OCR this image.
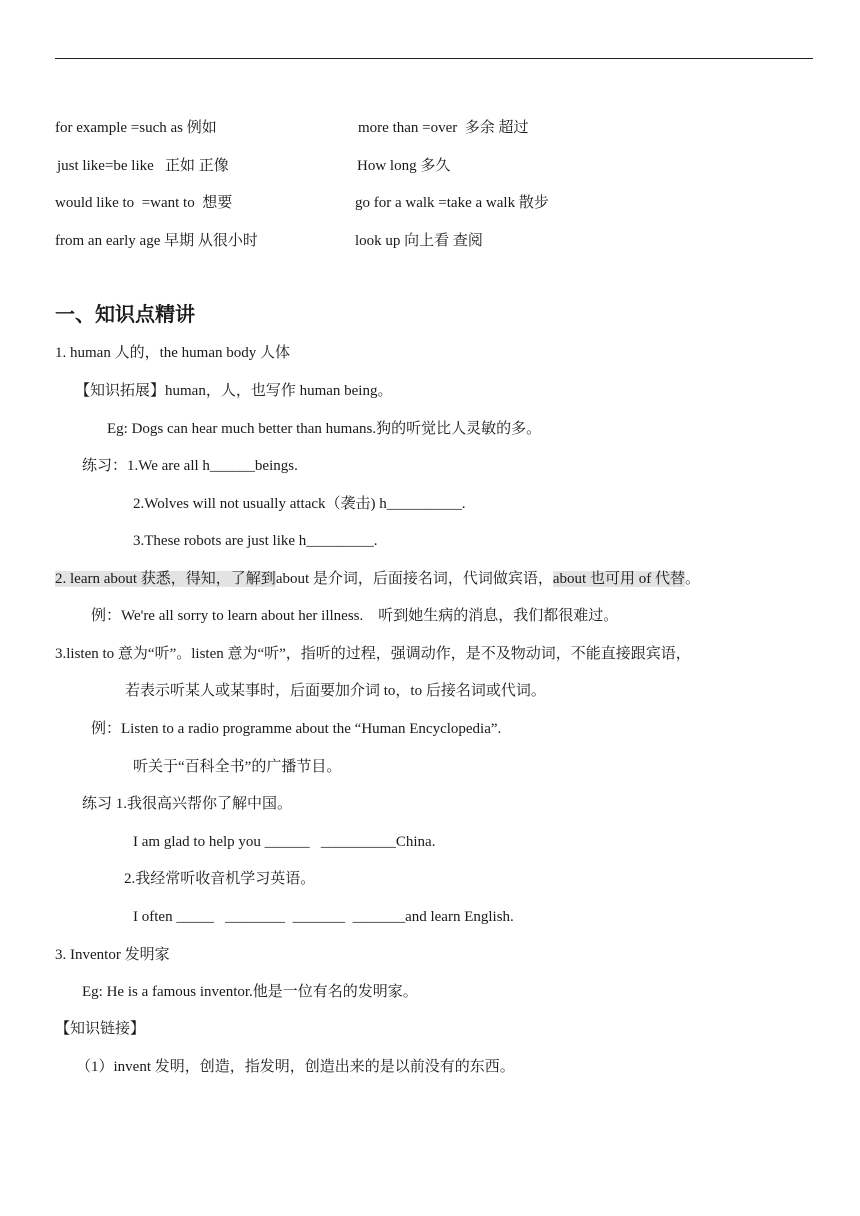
for example =such as 例如	more than =over  多余 超过
just like=be like   正如 正像	How long 多久
would like to  =want to  想要	go for a walk =take a walk 散步
from an early age 早期 从很小时	look up 向上看 查阅
一、知识点精讲
1. human 人的，the human body 人体
【知识拓展】human，人，也写作 human being。
Eg: Dogs can hear much better than humans.狗的听觉比人灵敏的多。
练习：1.We are all h______beings.
2.Wolves will not usually attack（袭击) h__________.
3.These robots are just like h_________.
2. learn about 获悉，得知，了解到about 是介词，后面接名词，代词做宾语，about 也可用 of 代替。
例：We're all sorry to learn about her illness.    听到她生病的消息，我们都很难过。
3.listen to 意为“听”。listen 意为“听”，指听的过程，强调动作，是不及物动词，不能直接跟宾语，
若表示听某人或某事时，后面要加介词 to，to 后接名词或代词。
例：Listen to a radio programme about the “Human Encyclopedia”.
听关于“百科全书”的广播节目。
练习 1.我很高兴帮你了解中国。
I am glad to help you ______   __________China.
2.我经常听收音机学习英语。
I often _____   ________  _______  _______and learn English.
3. Inventor 发明家
Eg: He is a famous inventor.他是一位有名的发明家。
【知识链接】
（1）invent 发明，创造，指发明，创造出来的是以前没有的东西。
